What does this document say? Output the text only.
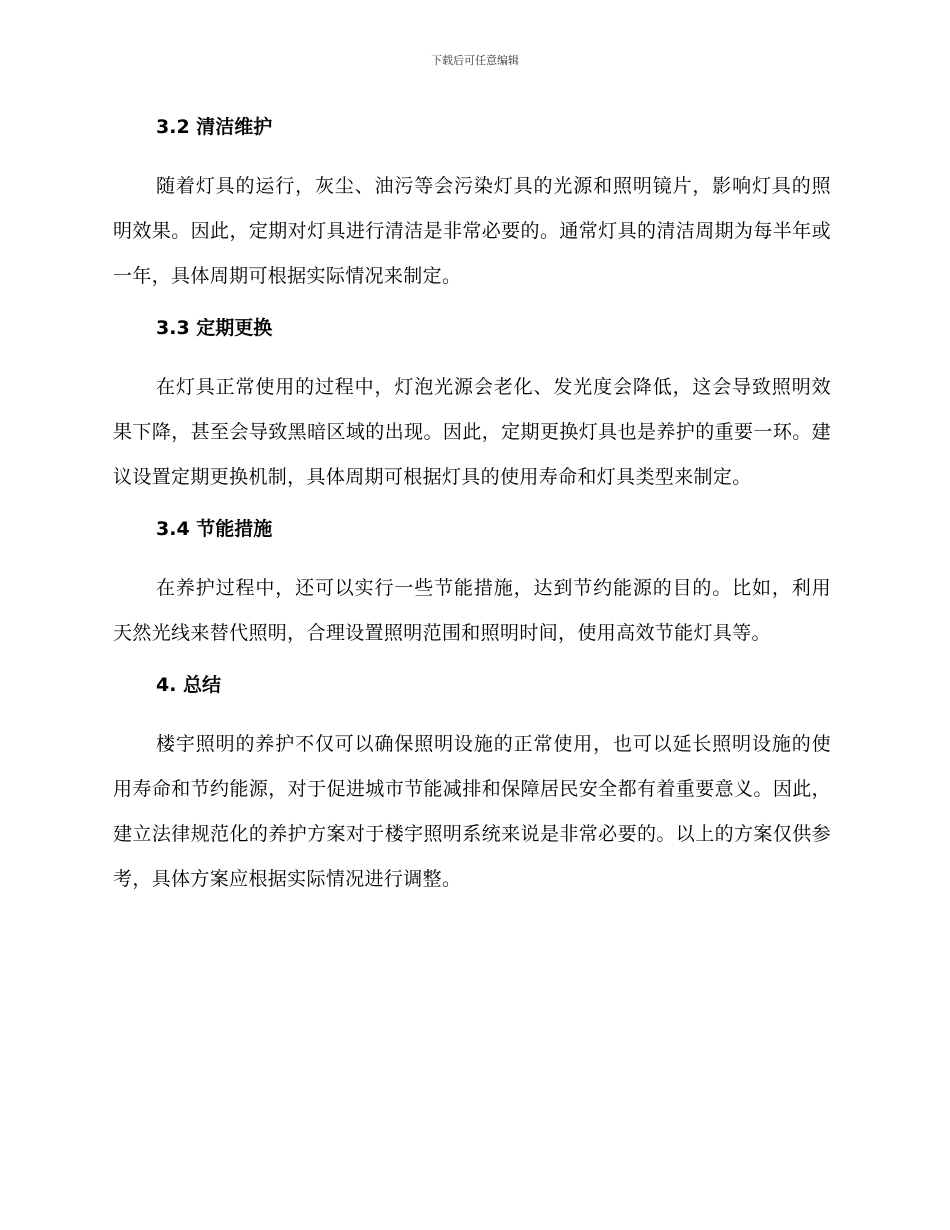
下载后可任意编辑
3.2 清洁维护

随着灯具的运行，灰尘、油污等会污染灯具的光源和照明镜片，影响灯具的照明效果。因此，定期对灯具进行清洁是非常必要的。通常灯具的清洁周期为每半年或一年，具体周期可根据实际情况来制定。

3.3 定期更换

在灯具正常使用的过程中，灯泡光源会老化、发光度会降低，这会导致照明效果下降，甚至会导致黑暗区域的出现。因此，定期更换灯具也是养护的重要一环。建议设置定期更换机制，具体周期可根据灯具的使用寿命和灯具类型来制定。

3.4 节能措施

在养护过程中，还可以实行一些节能措施，达到节约能源的目的。比如，利用天然光线来替代照明，合理设置照明范围和照明时间，使用高效节能灯具等。

4. 总结

楼宇照明的养护不仅可以确保照明设施的正常使用，也可以延长照明设施的使用寿命和节约能源，对于促进城市节能减排和保障居民安全都有着重要意义。因此，建立法律规范化的养护方案对于楼宇照明系统来说是非常必要的。以上的方案仅供参考，具体方案应根据实际情况进行调整。
